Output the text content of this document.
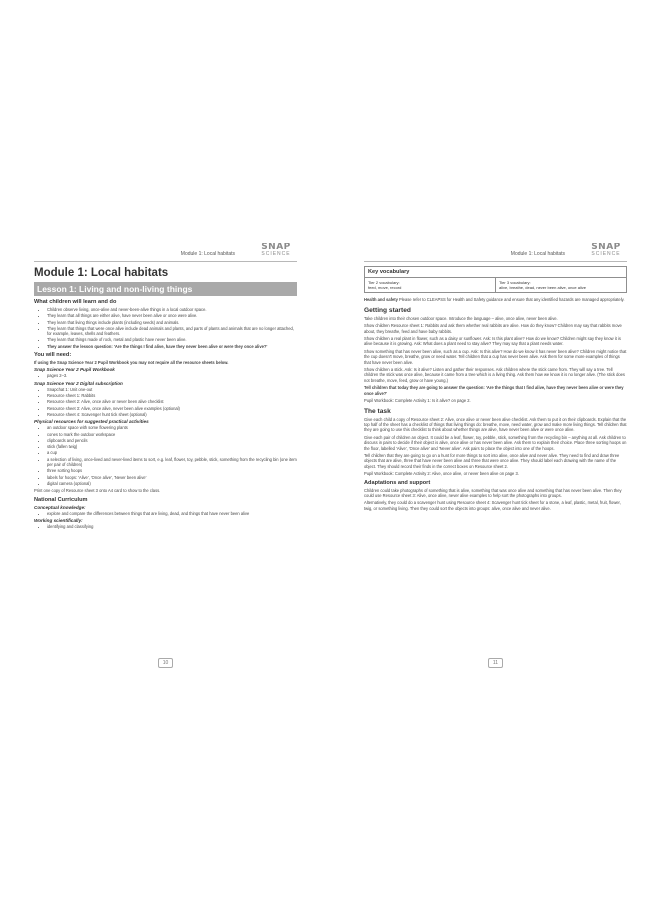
Module 1: Local habitats
SNAP
SCIENCE
Module 1: Local habitats
Lesson 1: Living and non-living things
What children will learn and do
• Children observe living, once-alive and never-been-alive things in a local outdoor space.
• They learn that all things are either alive, have never been alive or once were alive.
• They learn that living things include plants (including seeds) and animals.
• They learn that things that were once alive include dead animals and plants, and parts of plants and animals that are no longer attached, for example, leaves, shells and feathers.
• They learn that things made of rock, metal and plastic have never been alive.
• They answer the lesson question: 'Are the things I find alive, have they never been alive or were they once alive?'
You will need:
If using the Snap Science Year 2 Pupil Workbook you may not require all the resource sheets below.
Snap Science Year 2 Pupil Workbook
• pages 2–3.
Snap Science Year 2 Digital subscription
• Snapchat 1: Unit one-out
• Resource sheet 1: Rabbits
• Resource sheet 2: Alive, once alive or never been alive checklist
• Resource sheet 3: Alive, once alive, never been alive examples (optional)
• Resource sheet 4: Scavenger hunt tick sheet (optional)
Physical resources for suggested practical activities
• an outdoor space with some flowering plants
• cones to mark the outdoor workspace
• clipboards and pencils
• stick (fallen twig)
• a cup
• a selection of living, once-lived and never-lived items to sort, e.g. leaf, flower, toy, pebble, stick, something from the recycling bin (one item per pair of children)
• three sorting hoops
• labels for hoops: 'Alive', 'Once alive', 'Never been alive'
• digital camera (optional)
Print one copy of Resource sheet 3 onto A4 card to show to the class.
National Curriculum
Conceptual knowledge:
• explore and compare the differences between things that are living, dead, and things that have never been alive
Working scientifically:
• identifying and classifying
10
Module 1: Local habitats
SNAP
SCIENCE
Key vocabulary
Tier 2 vocabulary:
feed, move, record
Tier 3 vocabulary:
alive, breathe, dead, never been alive, once alive
Health and safety Please refer to CLEAPSS for Health and Safety guidance and ensure that any identified hazards are managed appropriately.
Getting started
Take children into their chosen outdoor space. Introduce the language – alive, once alive, never been alive.
Show children Resource sheet 1: Rabbits and ask them whether real rabbits are alive. How do they know? Children may say that rabbits move about, they breathe, feed and have baby rabbits.
Show children a real plant in flower, such as a daisy or sunflower. Ask: Is this plant alive? How do we know? Children might say they know it is alive because it is growing. Ask: What does a plant need to stay alive? They may say that a plant needs water.
Show something that has never been alive, such as a cup. Ask: Is this alive? How do we know it has never been alive? Children might notice that the cup doesn't move, breathe, grow or need water. Tell children that a cup has never been alive. Ask them for some more examples of things that have never been alive.
Show children a stick. Ask: Is it alive? Listen and gather their responses. Ask children where the stick came from. They will say a tree. Tell children the stick was once alive, because it came from a tree which is a living thing. Ask them how we know it is no longer alive. (The stick does not breathe, move, feed, grow or have young.)
Tell children that today they are going to answer the question: 'Are the things that I find alive, have they never been alive or were they once alive?'
Pupil Workbook: Complete Activity 1: Is it alive? on page 2.
The task
Give each child a copy of Resource sheet 2: Alive, once alive or never been alive checklist. Ask them to put it on their clipboards. Explain that the top half of the sheet has a checklist of things that living things do: breathe, move, need water, grow and make more living things. Tell children that they are going to use this checklist to think about whether things are alive, have never been alive or were once alive.
Give each pair of children an object. It could be a leaf, flower, toy, pebble, stick, something from the recycling bin – anything at all. Ask children to discuss in pairs to decide if their object is alive, once alive or has never been alive. Ask them to explain their choice. Place three sorting hoops on the floor, labelled 'Alive', 'Once alive' and 'Never alive'. Ask pairs to place the object into one of the hoops.
Tell children that they are going to go on a hunt for more things to sort into alive, once alive and never alive. They need to find and draw three objects that are alive, three that have never been alive and three that were once alive. They should label each drawing with the name of the object. They should record their finds in the correct boxes on Resource sheet 2.
Pupil Workbook: Complete Activity 2: Alive, once alive, or never been alive on page 3.
Adaptations and support
Children could take photographs of something that is alive, something that was once alive and something that has never been alive. Then they could use Resource sheet 3: Alive, once alive, never alive examples to help sort the photographs into groups.
Alternatively, they could do a scavenger hunt using Resource sheet 4: Scavenger hunt tick sheet for a stone, a leaf, plastic, metal, fruit, flower, twig, or something living. Then they could sort the objects into groups: alive, once alive and never alive.
11
